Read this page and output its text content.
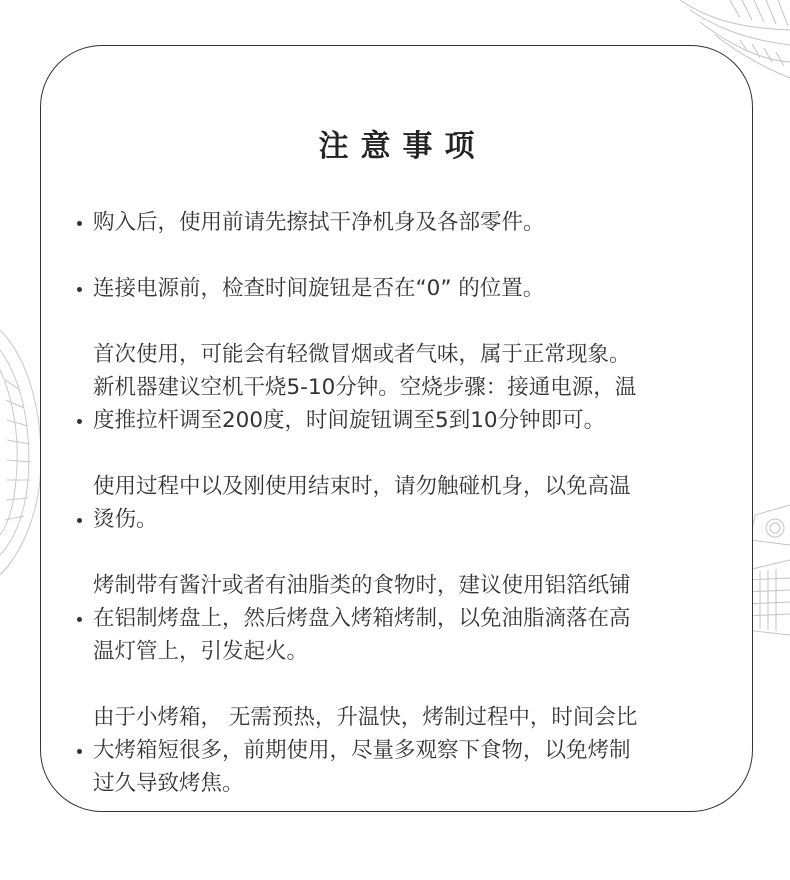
注意事项
购入后，使用前请先擦拭干净机身及各部零件。
连接电源前，检查时间旋钮是否在“0” 的位置。
首次使用，可能会有轻微冒烟或者气味，属于正常现象。
新机器建议空机干烧5-10分钟。空烧步骤：接通电源，温
度推拉杆调至200度，时间旋钮调至5到10分钟即可。
使用过程中以及刚使用结束时，请勿触碰机身，以免高温
烫伤。
烤制带有酱汁或者有油脂类的食物时，建议使用铝箔纸铺
在铝制烤盘上，然后烤盘入烤箱烤制，以免油脂滴落在高
温灯管上，引发起火。
由于小烤箱， 无需预热，升温快，烤制过程中，时间会比
大烤箱短很多，前期使用，尽量多观察下食物，以免烤制
过久导致烤焦。
